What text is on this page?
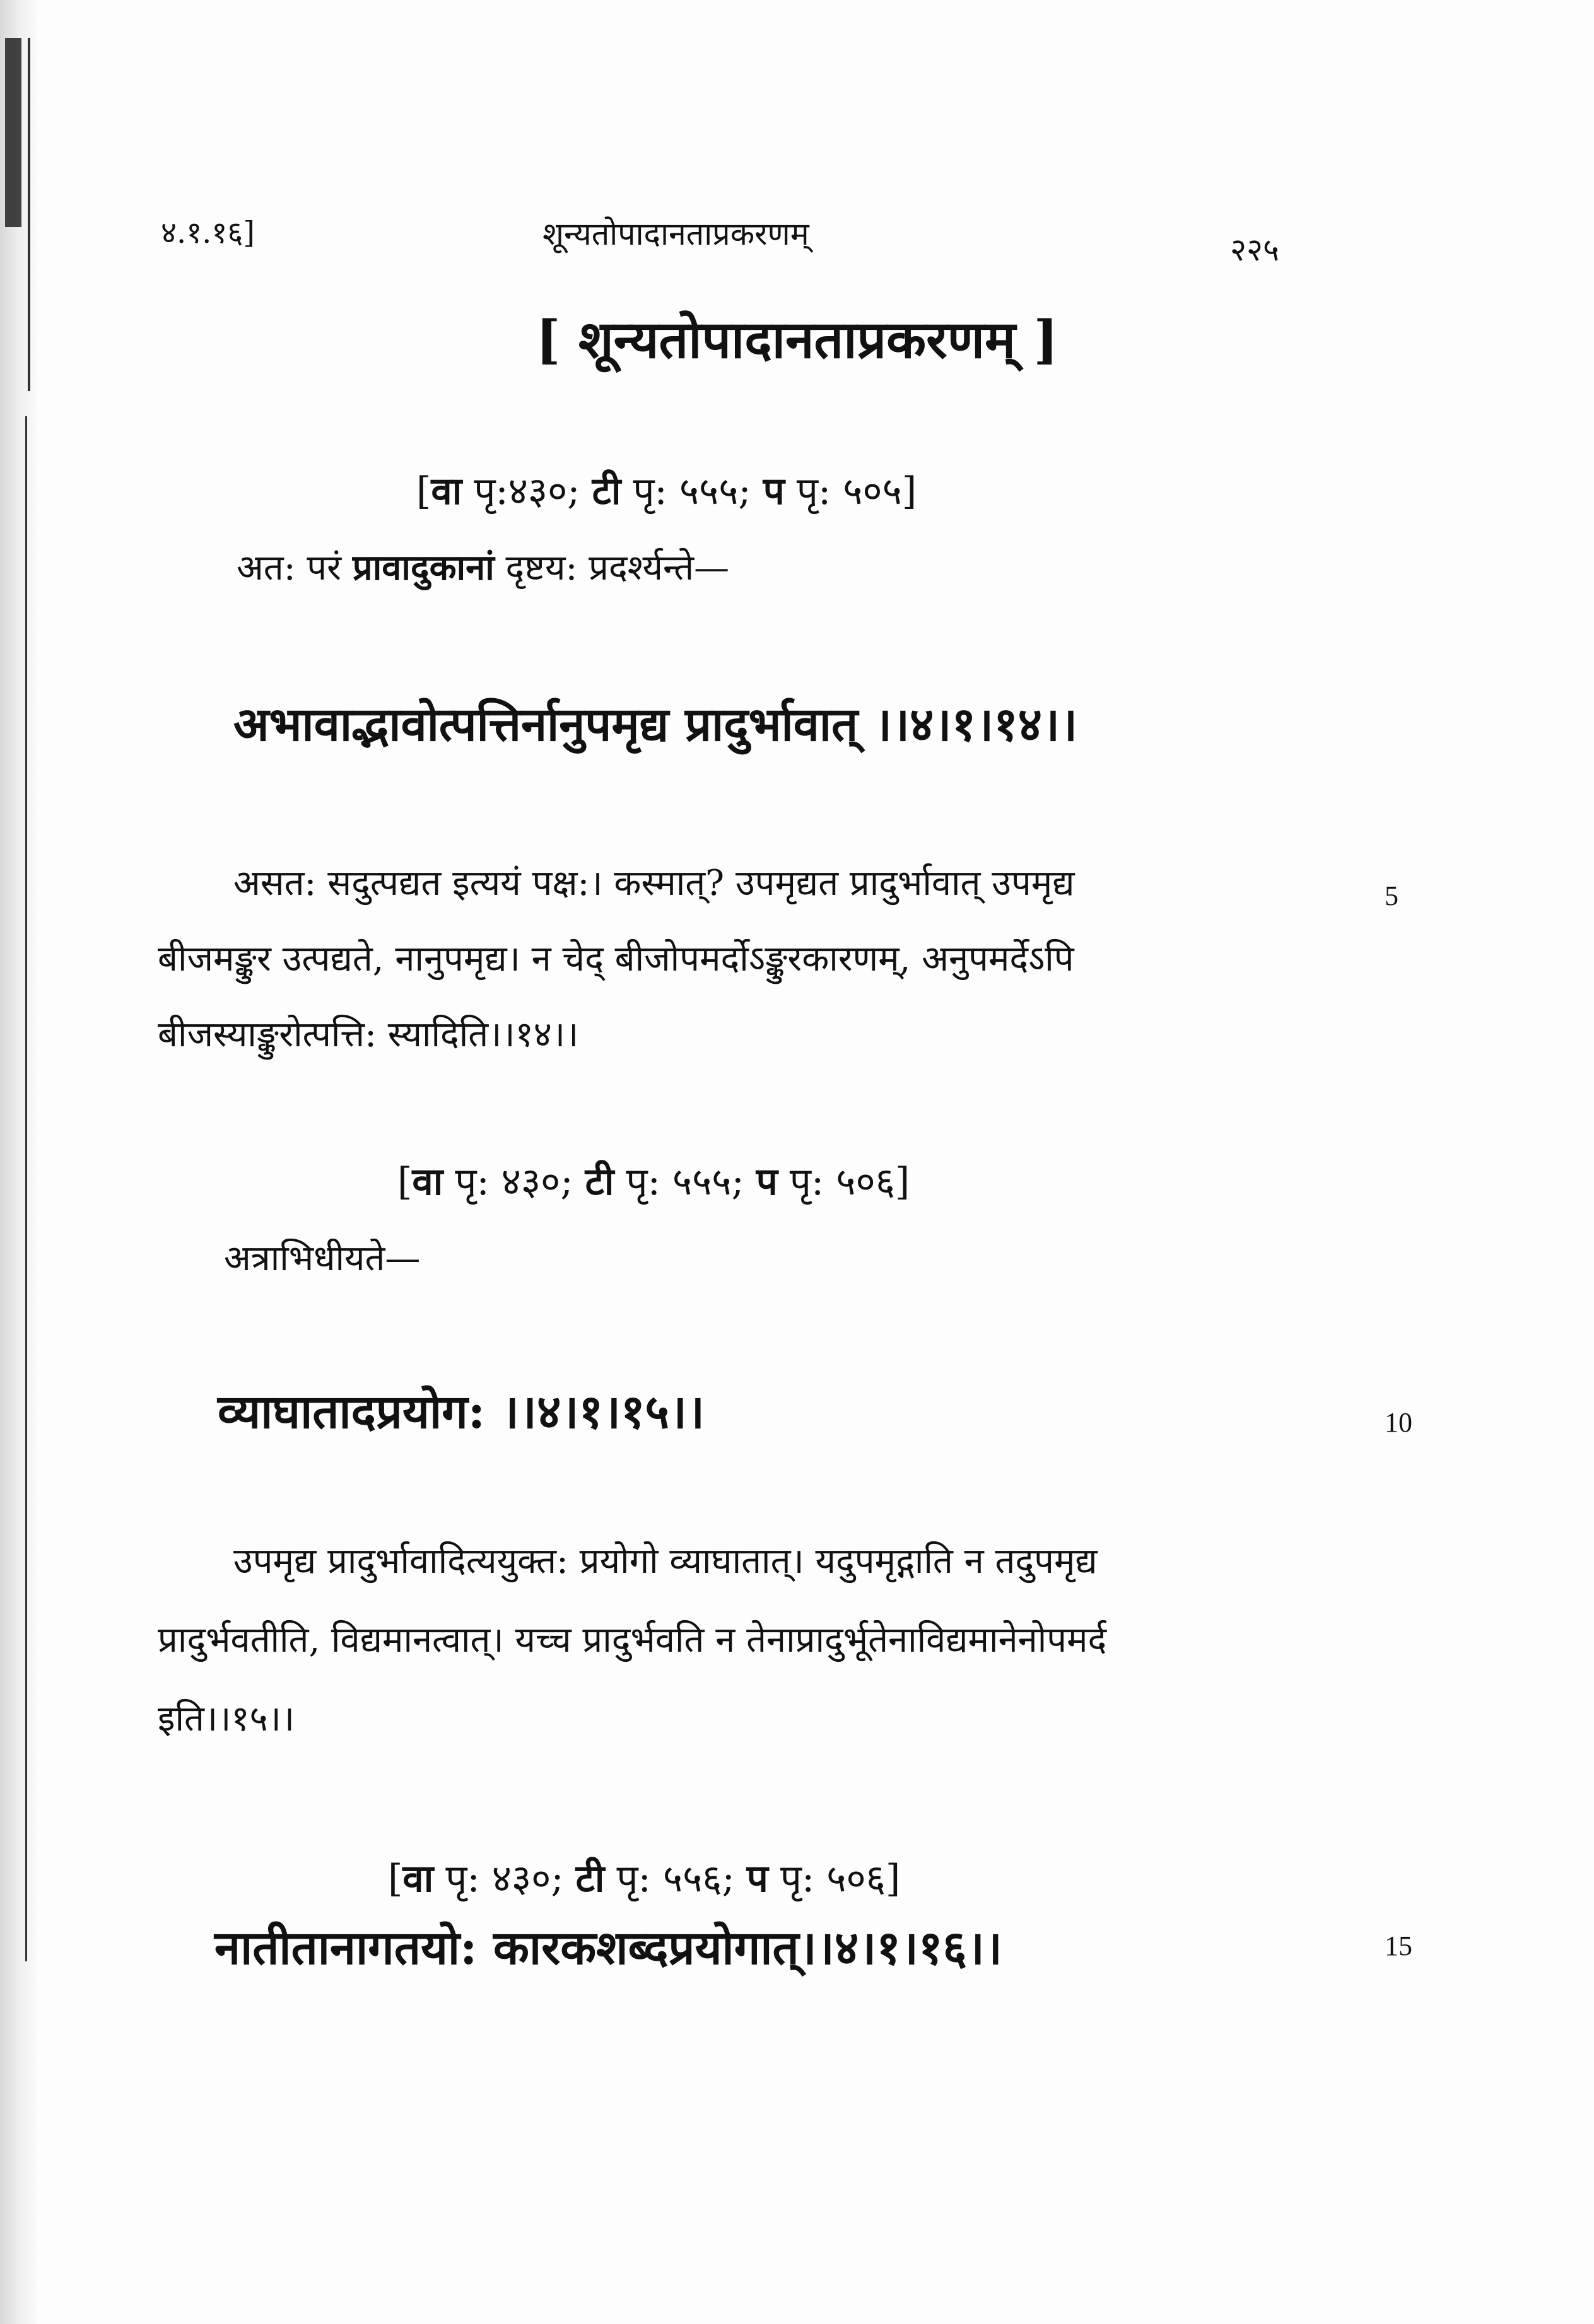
४.१.१६]	शून्यतोपादानताप्रकरणम्	२२५
[ शून्यतोपादानताप्रकरणम् ]
[वा पृ:४३०; टी पृ: ५५५; प पृ: ५०५]
अत: परं प्रावादुकानां दृष्टय: प्रदर्श्यन्ते—
अभावाद्भावोत्पत्तिर्नानुपमृद्य प्रादुर्भावात् ।।४।१।१४।।
असत: सदुत्पद्यत इत्ययं पक्ष:। कस्मात्? उपमृद्यत प्रादुर्भावात् उपमृद्य
बीजमङ्कुर उत्पद्यते, नानुपमृद्य। न चेद् बीजोपमर्दोऽङ्कुरकारणम्, अनुपमर्देऽपि
बीजस्याङ्कुरोत्पत्ति: स्यादिति।।१४।।
5
[वा पृ: ४३०; टी पृ: ५५५; प पृ: ५०६]
अत्राभिधीयते—
व्याघातादप्रयोग: ।।४।१।१५।।	10
उपमृद्य प्रादुर्भावादित्ययुक्त: प्रयोगो व्याघातात्। यदुपमृद्गाति न तदुपमृद्य
प्रादुर्भवतीति, विद्यमानत्वात्। यच्च प्रादुर्भवति न तेनाप्रादुर्भूतेनाविद्यमानेनोपमर्द
इति।।१५।।
[वा पृ: ४३०; टी पृ: ५५६; प पृ: ५०६]
नातीतानागतयो: कारकशब्दप्रयोगात्।।४।१।१६।।	15
